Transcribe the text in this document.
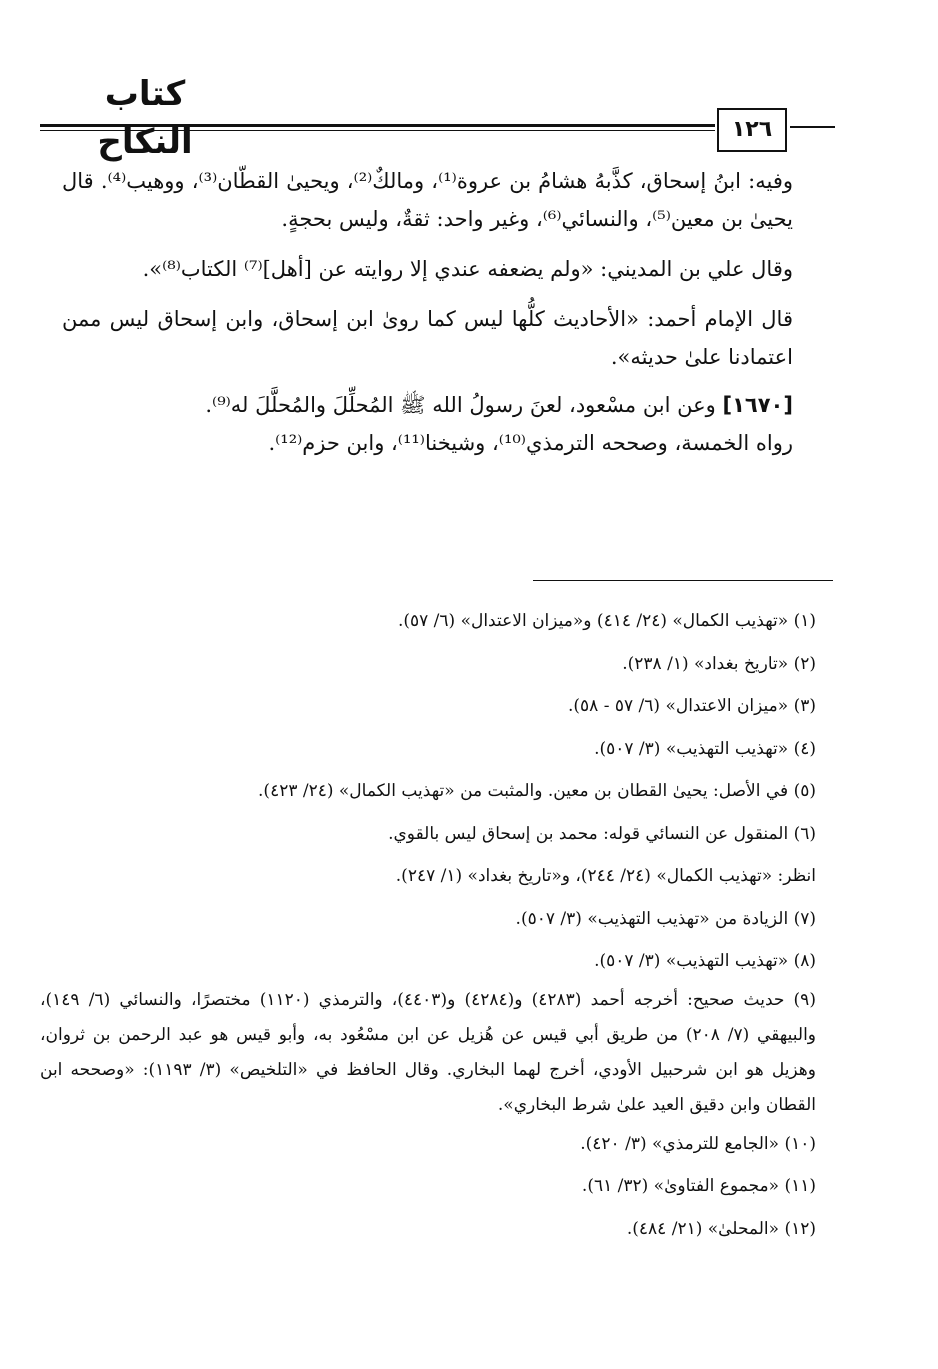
كتاب النكاح	١٢٦

وفيه: ابنُ إسحاق، كذَّبهُ هشامُ بن عروة⁽¹⁾، ومالكٌ⁽²⁾، ويحيىٰ القطّان⁽³⁾، ووهيب⁽⁴⁾. قال يحيىٰ بن معين⁽⁵⁾، والنسائي⁽⁶⁾، وغير واحد: ثقةٌ، وليس بحجةٍ.

وقال علي بن المديني: «ولم يضعفه عندي إلا روايته عن [أهل]⁽⁷⁾ الكتاب⁽⁸⁾».

قال الإمام أحمد: «الأحاديث كلُّها ليس كما روىٰ ابن إسحاق، وابن إسحاق ليس ممن اعتمادنا علىٰ حديثه».

[١٦٧٠] وعن ابن مسْعود، لعنَ رسولُ الله ﷺ المُحلِّلَ والمُحلَّلَ له⁽⁹⁾.

رواه الخمسة، وصححه الترمذي⁽¹⁰⁾، وشيخنا⁽¹¹⁾، وابن حزم⁽¹²⁾.

(١) «تهذيب الكمال» (٢٤/ ٤١٤) و«ميزان الاعتدال» (٦/ ٥٧).

(٢) «تاريخ بغداد» (١/ ٢٣٨).

(٣) «ميزان الاعتدال» (٦/ ٥٧ - ٥٨).

(٤) «تهذيب التهذيب» (٣/ ٥٠٧).

(٥) في الأصل: يحيىٰ القطان بن معين. والمثبت من «تهذيب الكمال» (٢٤/ ٤٢٣).

(٦) المنقول عن النسائي قوله: محمد بن إسحاق ليس بالقوي.

انظر: «تهذيب الكمال» (٢٤/ ٢٤٤)، و«تاريخ بغداد» (١/ ٢٤٧).

(٧) الزيادة من «تهذيب التهذيب» (٣/ ٥٠٧).

(٨) «تهذيب التهذيب» (٣/ ٥٠٧).

(٩) حديث صحيح: أخرجه أحمد (٤٢٨٣) و(٤٢٨٤) و(٤٤٠٣)، والترمذي (١١٢٠) مختصرًا، والنسائي (٦/ ١٤٩)، والبيهقي (٧/ ٢٠٨) من طريق أبي قيس عن هُزيل عن ابن مسْعُود به، وأبو قيس هو عبد الرحمن بن ثروان، وهزيل هو ابن شرحبيل الأودي، أخرج لهما البخاري. وقال الحافظ في «التلخيص» (٣/ ١١٩٣): «وصححه ابن القطان وابن دقيق العيد علىٰ شرط البخاري».

(١٠) «الجامع للترمذي» (٣/ ٤٢٠).

(١١) «مجموع الفتاوىٰ» (٣٢/ ٦١).

(١٢) «المحلىٰ» (٢١/ ٤٨٤).
